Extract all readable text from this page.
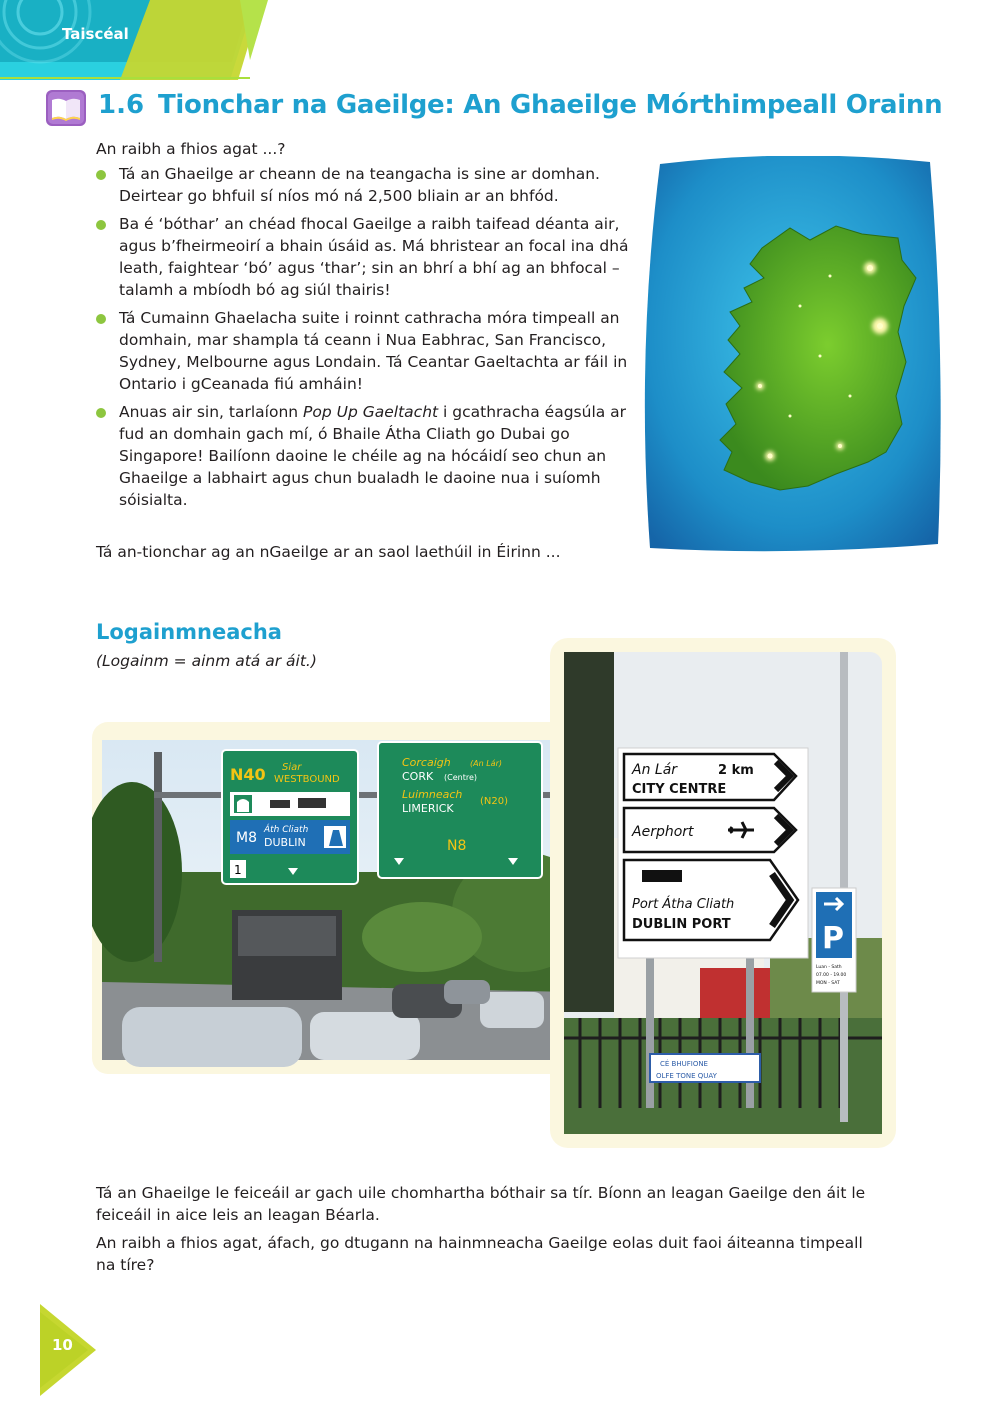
Taiscéal
1.6 Tionchar na Gaeilge: An Ghaeilge Mórthimpeall Orainn
An raibh a fhios agat ...?
Tá an Ghaeilge ar cheann de na teangacha is sine ar domhan. Deirtear go bhfuil sí níos mó ná 2,500 bliain ar an bhfód.
Ba é ‘bóthar’ an chéad fhocal Gaeilge a raibh taifead déanta air, agus b’fheirmeoirí a bhain úsáid as. Má bhristear an focal ina dhá leath, faightear ‘bó’ agus ‘thar’; sin an bhrí a bhí ag an bhfocal – talamh a mbíodh bó ag siúl thairis!
Tá Cumainn Ghaelacha suite i roinnt cathracha móra timpeall an domhain, mar shampla tá ceann i Nua Eabhrac, San Francisco, Sydney, Melbourne agus Londain. Tá Ceantar Gaeltachta ar fáil in Ontario i gCeanada fiú amháin!
Anuas air sin, tarlaíonn Pop Up Gaeltacht i gcathracha éagsúla ar fud an domhain gach mí, ó Bhaile Átha Cliath go Dubai go Singapore! Bailíonn daoine le chéile ag na hócáidí seo chun an Ghaeilge a labhairt agus chun bualadh le daoine nua i suíomh sóisialta.
Tá an-tionchar ag an nGaeilge ar an saol laethúil in Éirinn ...
Logainmneacha
(Logainm = ainm atá ar áit.)
N40 Siar
WESTBOUND
M8 Áth Cliath
DUBLIN
1
Corcaigh (An Lár)
CORK (Centre)
Luimneach
LIMERICK
(N20)
N8
CÉ BHUFIONE
OLFE TONE QUAY
An Lár	2 km
CITY CENTRE
Aerphort
Port Átha Cliath
DUBLIN PORT	P
Luan - Sath
07.00 - 19.00
MON - SAT
Tá an Ghaeilge le feiceáil ar gach uile chomhartha bóthair sa tír. Bíonn an leagan Gaeilge den áit le feiceáil in aice leis an leagan Béarla.
An raibh a fhios agat, áfach, go dtugann na hainmneacha Gaeilge eolas duit faoi áiteanna timpeall na tíre?
10
